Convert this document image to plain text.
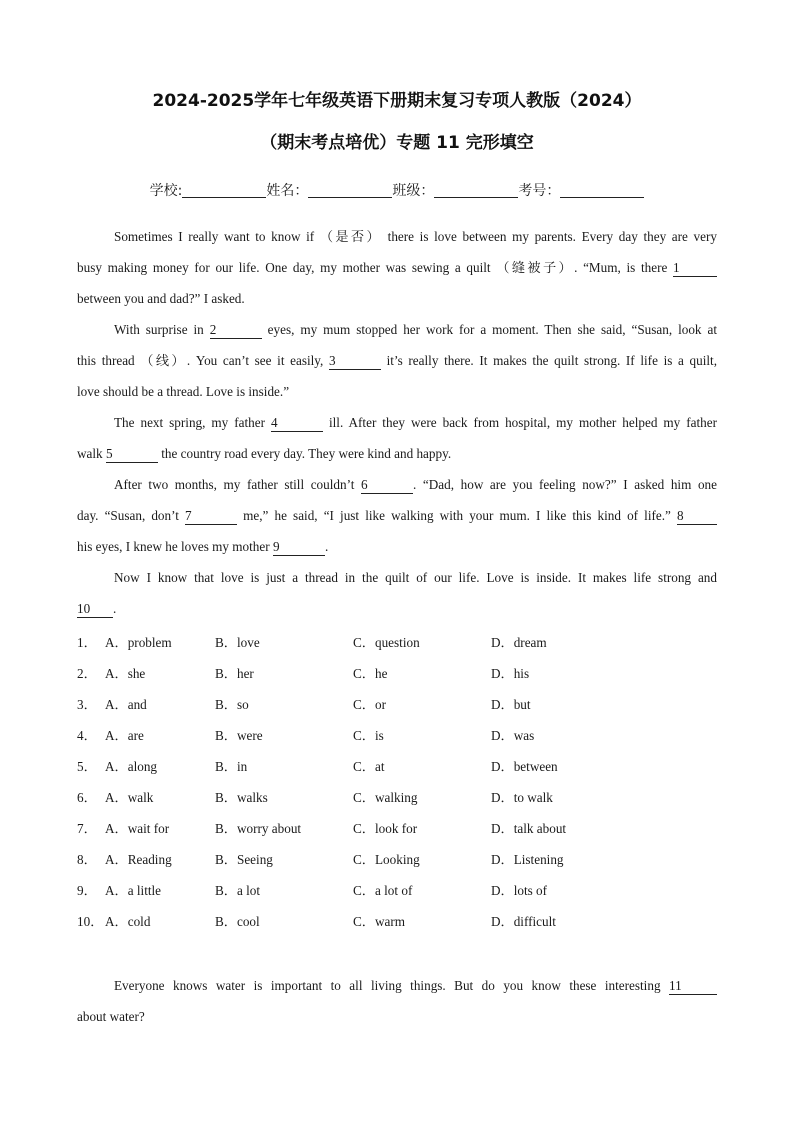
2024-2025学年七年级英语下册期末复习专项人教版（2024）
（期末考点培优）专题 11 完形填空
学校:	姓名：	班级：	考号：
Sometimes I really want to know if （是否） there is love between my parents. Every day they are very
busy making money for our life. One day, my mother was sewing a quilt （缝被子）. “Mum, is there 1
between you and dad?” I asked.
With surprise in 2	eyes, my mum stopped her work for a moment. Then she said, “Susan, look at
this thread （线）. You can’t see it easily, 3	it’s really there. It makes the quilt strong. If life is a quilt,
love should be a thread. Love is inside.”
The next spring, my father 4	ill. After they were back from hospital, my mother helped my father
walk 5	the country road every day. They were kind and happy.
After two months, my father still couldn’t 6	. “Dad, how are you feeling now?” I asked him one
day. “Susan, don’t 7	me,” he said, “I just like walking with your mum. I like this kind of life.” 8
his eyes, I knew he loves my mother 9	.
Now I know that love is just a thread in the quilt of our life. Love is inside. It makes life strong and
10 .
1． A．problem	B．love	C．question	D．dream
2． A．she	B．her	C．he	D．his
3． A．and	B．so	C．or	D．but
4． A．are	B．were	C．is	D．was
5． A．along	B．in	C．at	D．between
6． A．walk	B．walks	C．walking	D．to walk
7． A．wait for	B．worry about	C．look for	D．talk about
8． A．Reading	B．Seeing	C．Looking	D．Listening
9． A．a little	B．a lot	C．a lot of	D．lots of
10． A．cold	B．cool	C．warm	D．difficult
Everyone knows water is important to all living things. But do you know these interesting 11
about water?
